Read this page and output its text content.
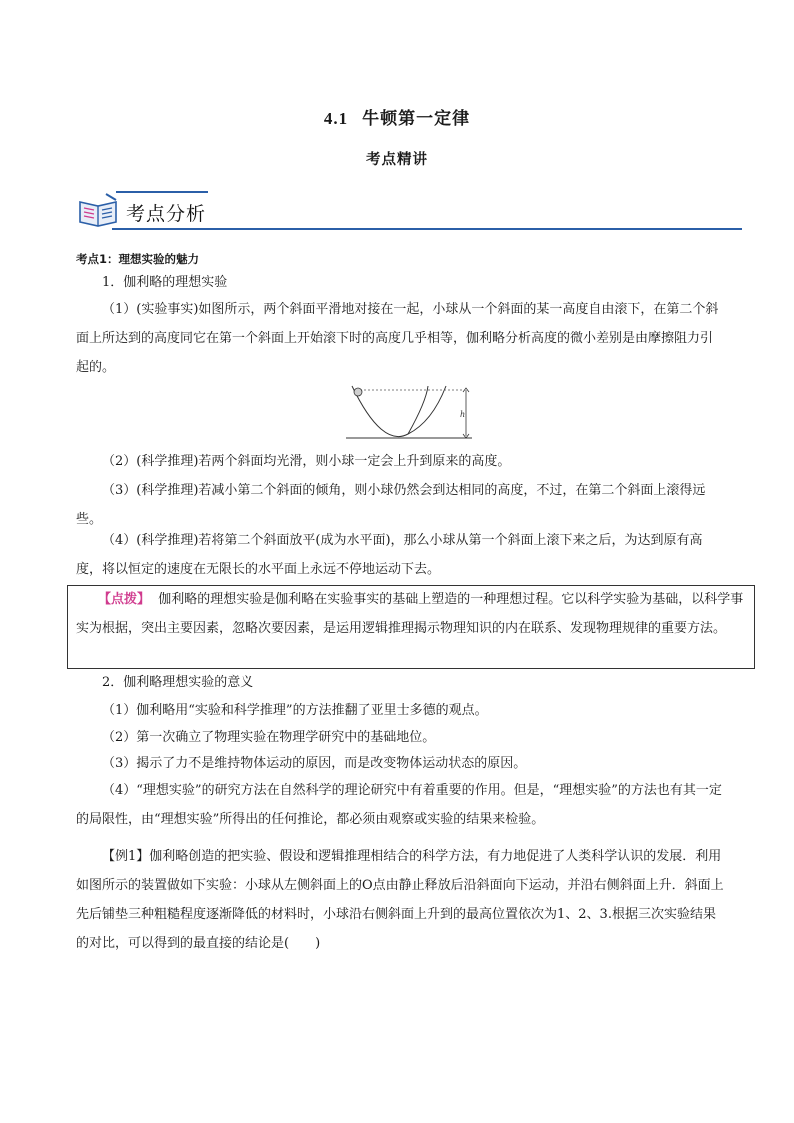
4.1 牛顿第一定律
考点精讲
考点分析
考点1：理想实验的魅力
1．伽利略的理想实验

（1）(实验事实)如图所示，两个斜面平滑地对接在一起，小球从一个斜面的某一高度自由滚下，在第二个斜面上所达到的高度同它在第一个斜面上开始滚下时的高度几乎相等，伽利略分析高度的微小差别是由摩擦阻力引起的。

h

（2）(科学推理)若两个斜面均光滑，则小球一定会上升到原来的高度。

（3）(科学推理)若减小第二个斜面的倾角，则小球仍然会到达相同的高度，不过，在第二个斜面上滚得远些。

（4）(科学推理)若将第二个斜面放平(成为水平面)，那么小球从第一个斜面上滚下来之后，为达到原有高度，将以恒定的速度在无限长的水平面上永远不停地运动下去。

【点拨】 伽利略的理想实验是伽利略在实验事实的基础上塑造的一种理想过程。它以科学实验为基础，以科学事实为根据，突出主要因素，忽略次要因素，是运用逻辑推理揭示物理知识的内在联系、发现物理规律的重要方法。

2．伽利略理想实验的意义

（1）伽利略用“实验和科学推理”的方法推翻了亚里士多德的观点。

（2）第一次确立了物理实验在物理学研究中的基础地位。

（3）揭示了力不是维持物体运动的原因，而是改变物体运动状态的原因。

（4）“理想实验”的研究方法在自然科学的理论研究中有着重要的作用。但是，“理想实验”的方法也有其一定的局限性，由“理想实验”所得出的任何推论，都必须由观察或实验的结果来检验。

【例1】伽利略创造的把实验、假设和逻辑推理相结合的科学方法，有力地促进了人类科学认识的发展．利用如图所示的装置做如下实验：小球从左侧斜面上的O点由静止释放后沿斜面向下运动，并沿右侧斜面上升．斜面上先后铺垫三种粗糙程度逐渐降低的材料时，小球沿右侧斜面上升到的最高位置依次为1、2、3.根据三次实验结果的对比，可以得到的最直接的结论是(　　)
